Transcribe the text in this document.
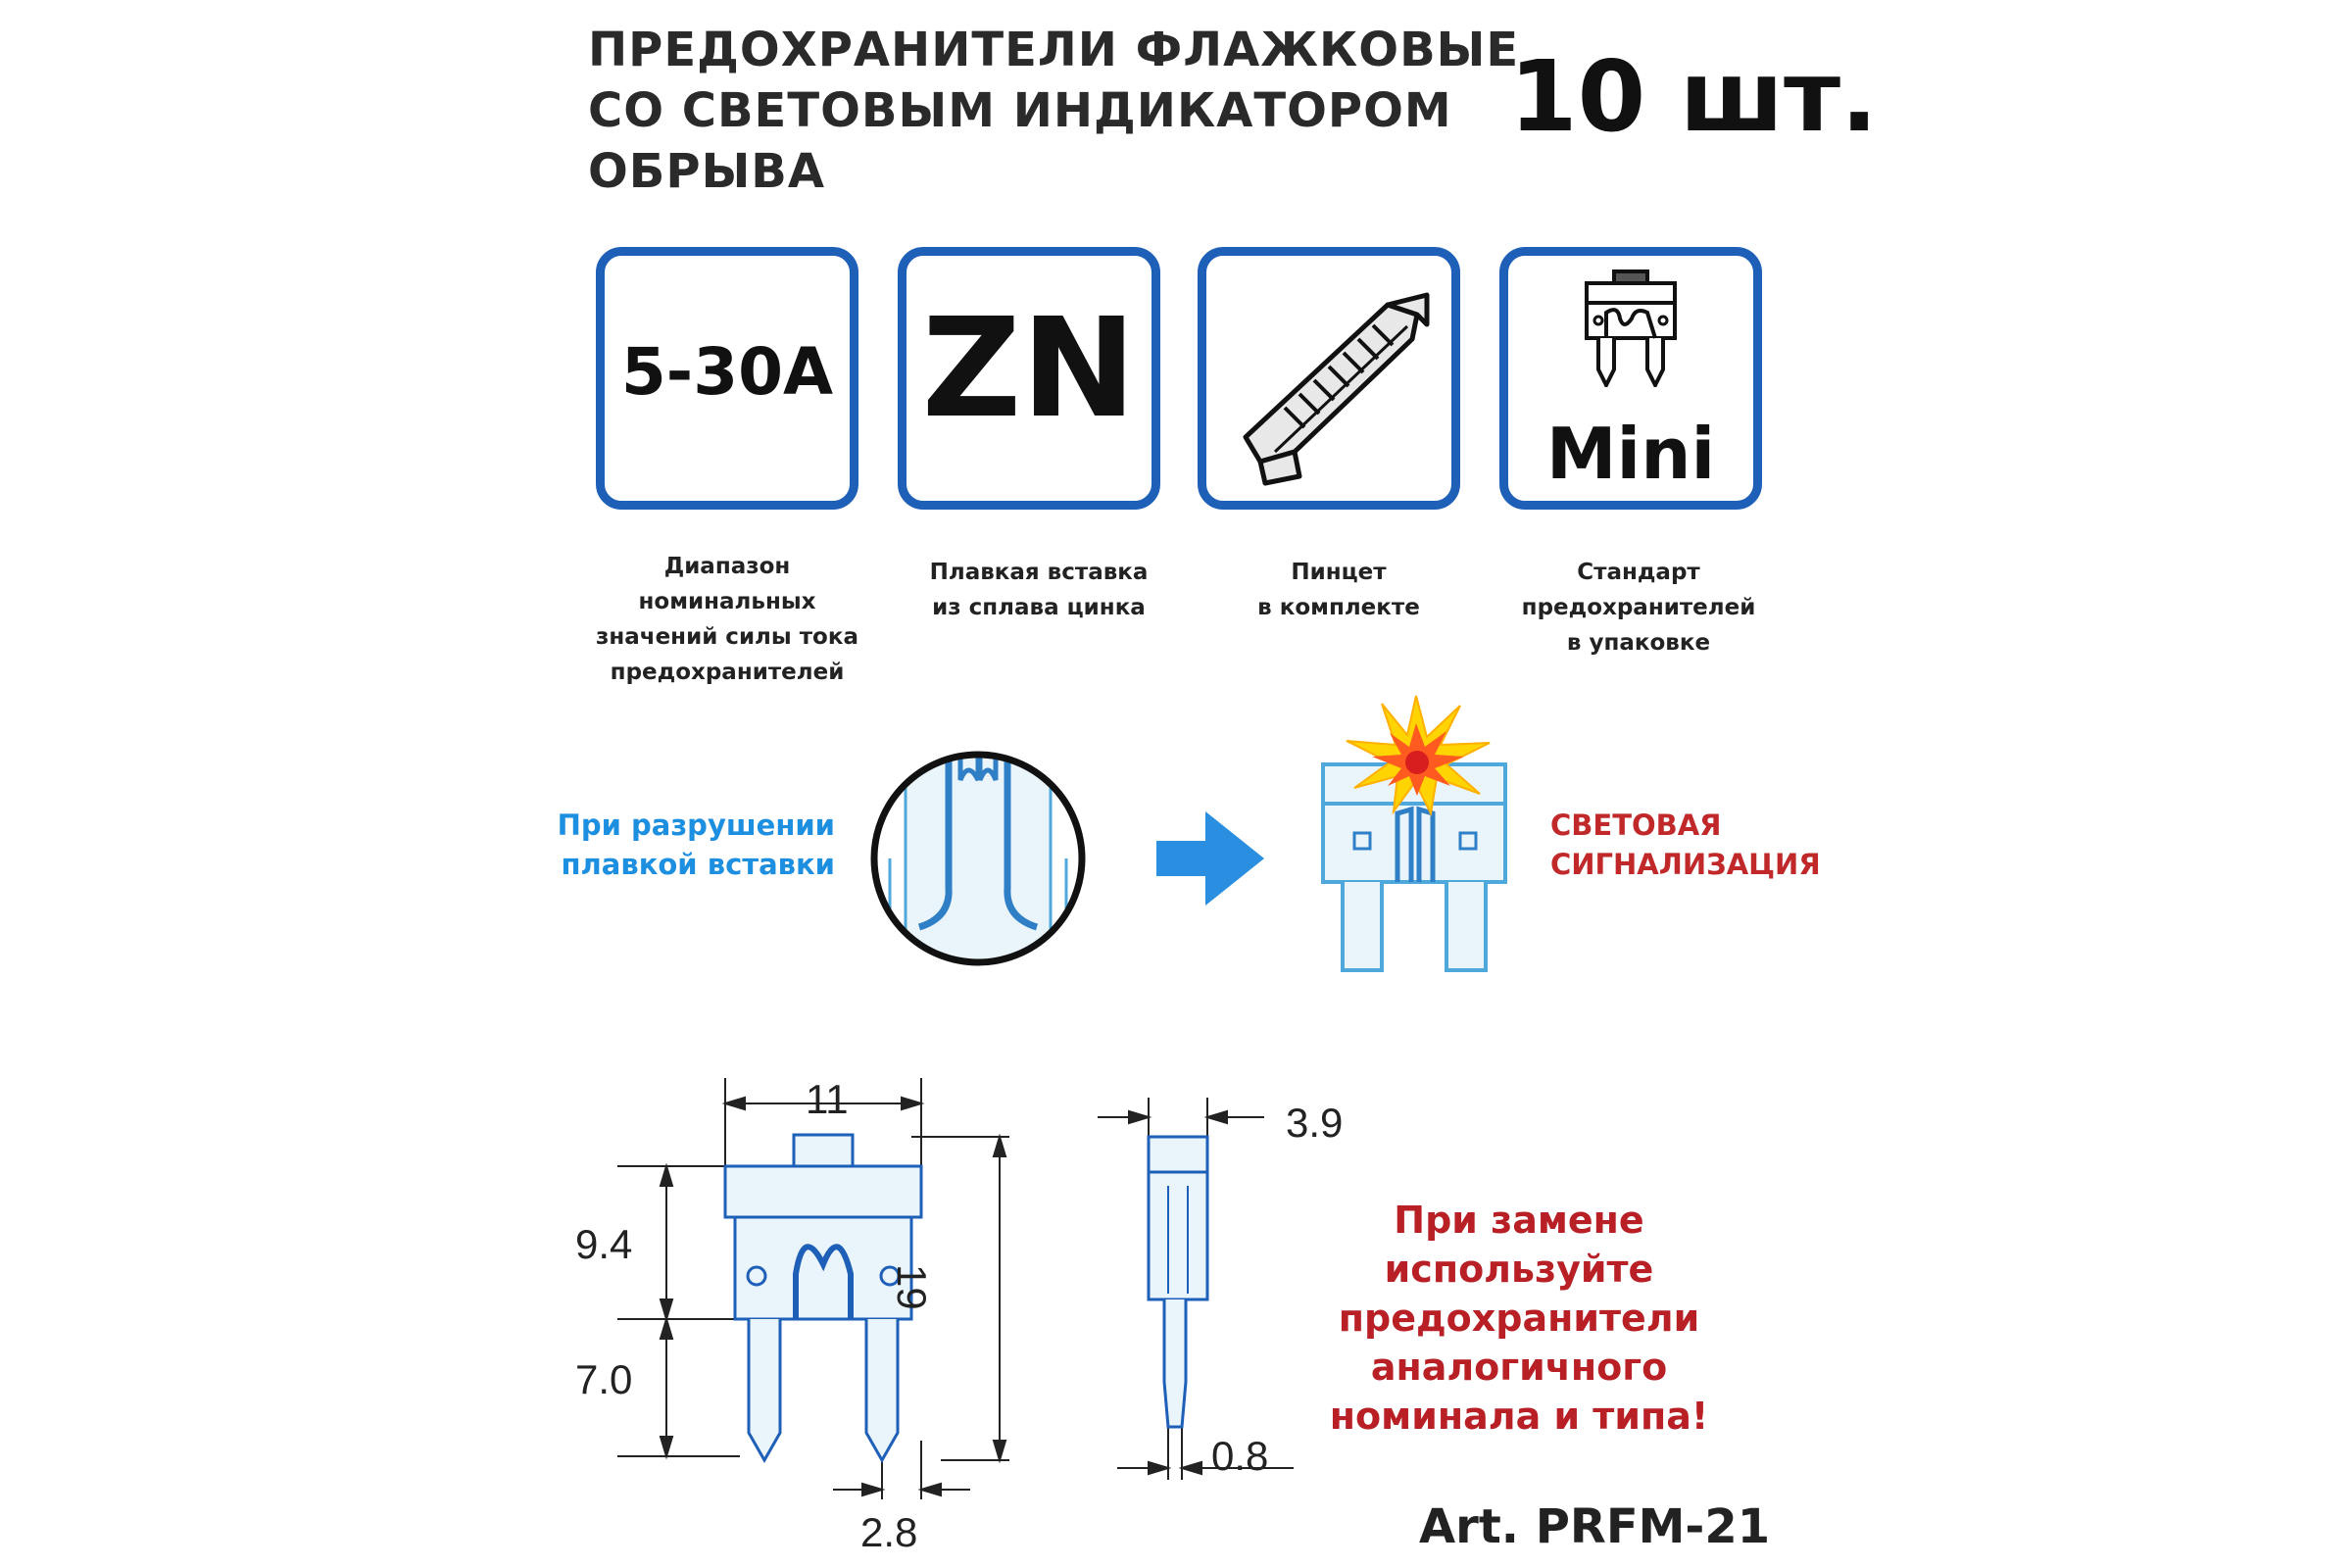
ПРЕДОХРАНИТЕЛИ ФЛАЖКОВЫЕ
СО СВЕТОВЫМ ИНДИКАТОРОМ
ОБРЫВА
10 шт.
5-30A ZN
Mini
Диапазон
номинальных
значений силы тока
предохранителей
Плавкая вставка
из сплава цинка
Пинцет
в комплекте
Стандарт
предохранителей
в упаковке
При разрушении
плавкой вставки
СВЕТОВАЯ
СИГНАЛИЗАЦИЯ
9.4
7.0
11
19
2.8
3.9
0.8
При замене используйте
предохранители
аналогичного
номинала и типа!
Art. PRFM-21
